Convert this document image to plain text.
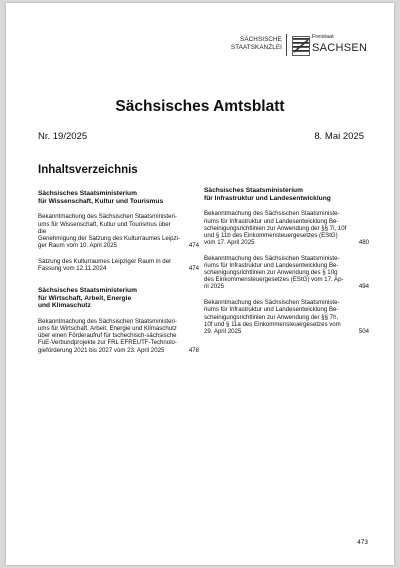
SÄCHSISCHE
STAATSKANZLEI
Freistaat
SACHSEN
Sächsisches Amtsblatt
Nr. 19/2025	8. Mai 2025
Inhaltsverzeichnis
Sächsisches Staatsministerium
für Wissenschaft, Kultur und Tourismus
Bekanntmachung des Sächsischen Staatsministeri-
ums für Wissenschaft, Kultur und Tourismus über die
Genehmigung der Satzung des Kulturraumes Leipzi-
ger Raum vom 10. April 2025	474
Satzung des Kulturraumes Leipziger Raum in der
Fassung vom 12.11.2024	474
Sächsisches Staatsministerium
für Wirtschaft, Arbeit, Energie
und Klimaschutz
Bekanntmachung des Sächsischen Staatsministeri-
ums für Wirtschaft, Arbeit, Energie und Klimaschutz
über einen Förderaufruf für tschechisch-sächsische
FuE-Verbundprojekte zur FRL EFREUTF-Technolo-
gieförderung 2021 bis 2027 vom 23. April 2025	478
Sächsisches Staatsministerium
für Infrastruktur und Landesentwicklung
Bekanntmachung des Sächsischen Staatsministe-
riums für Infrastruktur und Landesentwicklung Be-
scheinigungsrichtlinien zur Anwendung der §§ 7i, 10f
und § 11b des Einkommensteuergesetzes (EStG)
vom 17. April 2025	480
Bekanntmachung des Sächsischen Staatsministe-
riums für Infrastruktur und Landesentwicklung Be-
scheinigungsrichtlinien zur Anwendung des § 10g
des Einkommensteuergesetzes (EStG) vom 17. Ap-
ril 2025	494
Bekanntmachung des Sächsischen Staatsministe-
riums für Infrastruktur und Landesentwicklung Be-
scheinigungsrichtlinien zur Anwendung der §§ 7h,
10f und § 11a des Einkommensteuergesetzes vom
29. April 2025	504
473
